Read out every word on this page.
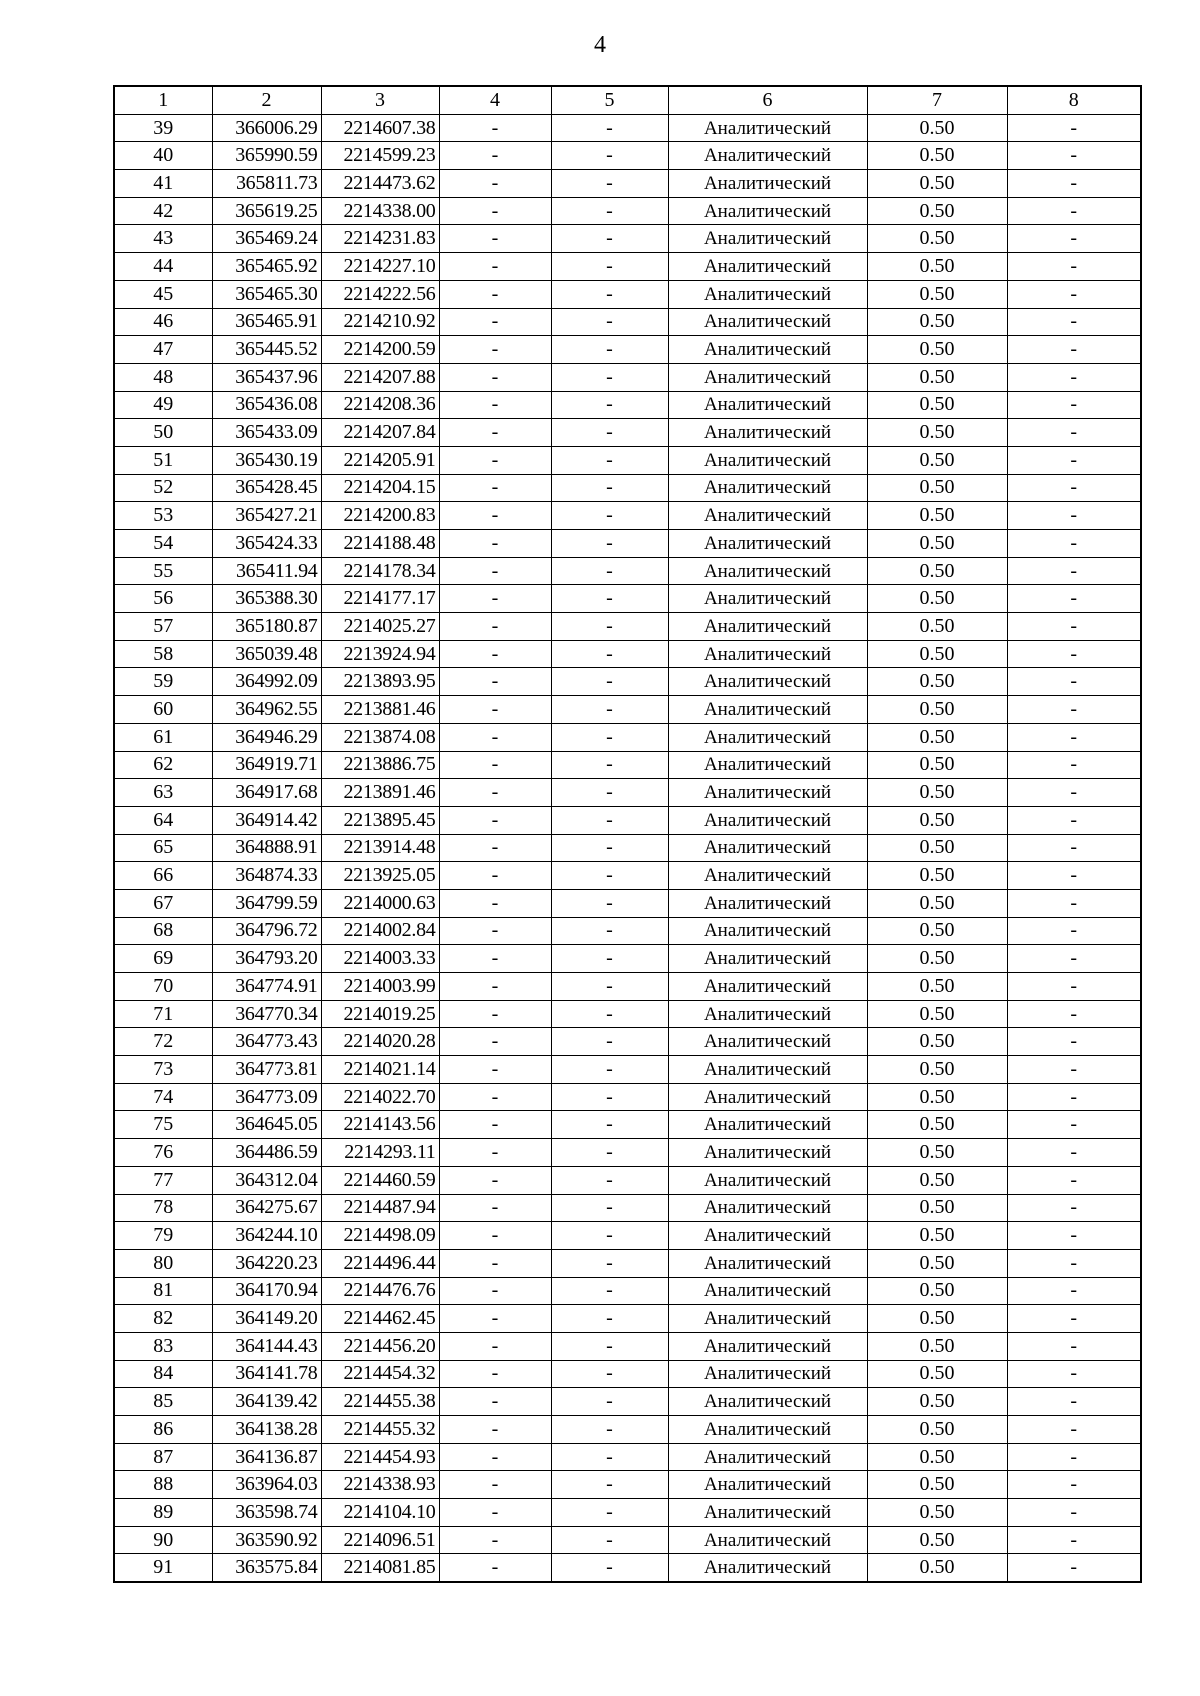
4
1	2	3	4	5	6	7	8
39	366006.29	2214607.38	-	-	Аналитический	0.50	-
40	365990.59	2214599.23	-	-	Аналитический	0.50	-
41	365811.73	2214473.62	-	-	Аналитический	0.50	-
42	365619.25	2214338.00	-	-	Аналитический	0.50	-
43	365469.24	2214231.83	-	-	Аналитический	0.50	-
44	365465.92	2214227.10	-	-	Аналитический	0.50	-
45	365465.30	2214222.56	-	-	Аналитический	0.50	-
46	365465.91	2214210.92	-	-	Аналитический	0.50	-
47	365445.52	2214200.59	-	-	Аналитический	0.50	-
48	365437.96	2214207.88	-	-	Аналитический	0.50	-
49	365436.08	2214208.36	-	-	Аналитический	0.50	-
50	365433.09	2214207.84	-	-	Аналитический	0.50	-
51	365430.19	2214205.91	-	-	Аналитический	0.50	-
52	365428.45	2214204.15	-	-	Аналитический	0.50	-
53	365427.21	2214200.83	-	-	Аналитический	0.50	-
54	365424.33	2214188.48	-	-	Аналитический	0.50	-
55	365411.94	2214178.34	-	-	Аналитический	0.50	-
56	365388.30	2214177.17	-	-	Аналитический	0.50	-
57	365180.87	2214025.27	-	-	Аналитический	0.50	-
58	365039.48	2213924.94	-	-	Аналитический	0.50	-
59	364992.09	2213893.95	-	-	Аналитический	0.50	-
60	364962.55	2213881.46	-	-	Аналитический	0.50	-
61	364946.29	2213874.08	-	-	Аналитический	0.50	-
62	364919.71	2213886.75	-	-	Аналитический	0.50	-
63	364917.68	2213891.46	-	-	Аналитический	0.50	-
64	364914.42	2213895.45	-	-	Аналитический	0.50	-
65	364888.91	2213914.48	-	-	Аналитический	0.50	-
66	364874.33	2213925.05	-	-	Аналитический	0.50	-
67	364799.59	2214000.63	-	-	Аналитический	0.50	-
68	364796.72	2214002.84	-	-	Аналитический	0.50	-
69	364793.20	2214003.33	-	-	Аналитический	0.50	-
70	364774.91	2214003.99	-	-	Аналитический	0.50	-
71	364770.34	2214019.25	-	-	Аналитический	0.50	-
72	364773.43	2214020.28	-	-	Аналитический	0.50	-
73	364773.81	2214021.14	-	-	Аналитический	0.50	-
74	364773.09	2214022.70	-	-	Аналитический	0.50	-
75	364645.05	2214143.56	-	-	Аналитический	0.50	-
76	364486.59	2214293.11	-	-	Аналитический	0.50	-
77	364312.04	2214460.59	-	-	Аналитический	0.50	-
78	364275.67	2214487.94	-	-	Аналитический	0.50	-
79	364244.10	2214498.09	-	-	Аналитический	0.50	-
80	364220.23	2214496.44	-	-	Аналитический	0.50	-
81	364170.94	2214476.76	-	-	Аналитический	0.50	-
82	364149.20	2214462.45	-	-	Аналитический	0.50	-
83	364144.43	2214456.20	-	-	Аналитический	0.50	-
84	364141.78	2214454.32	-	-	Аналитический	0.50	-
85	364139.42	2214455.38	-	-	Аналитический	0.50	-
86	364138.28	2214455.32	-	-	Аналитический	0.50	-
87	364136.87	2214454.93	-	-	Аналитический	0.50	-
88	363964.03	2214338.93	-	-	Аналитический	0.50	-
89	363598.74	2214104.10	-	-	Аналитический	0.50	-
90	363590.92	2214096.51	-	-	Аналитический	0.50	-
91	363575.84	2214081.85	-	-	Аналитический	0.50	-
